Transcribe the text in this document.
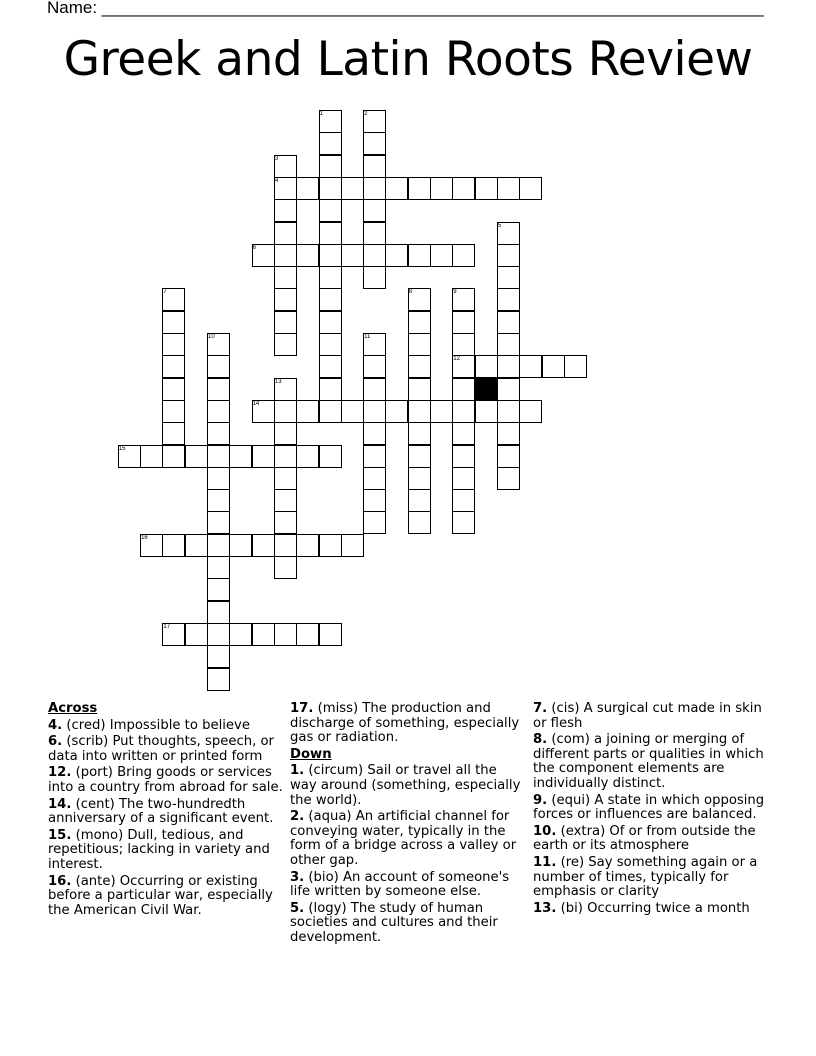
Name: ______________________________________________________________________
Greek and Latin Roots Review
1	2
3
4
5
6
7	8	9
10	11
12
13
14
15
16
17
Across
4. (cred) Impossible to believe
6. (scrib) Put thoughts, speech, or data into written or printed form
12. (port) Bring goods or services into a country from abroad for sale.
14. (cent) The two-hundredth anniversary of a significant event.
15. (mono) Dull, tedious, and repetitious; lacking in variety and interest.
16. (ante) Occurring or existing before a particular war, especially the American Civil War.
17. (miss) The production and discharge of something, especially gas or radiation.
Down
1. (circum) Sail or travel all the way around (something, especially the world).
2. (aqua) An artificial channel for conveying water, typically in the form of a bridge across a valley or other gap.
3. (bio) An account of someone's life written by someone else.
5. (logy) The study of human societies and cultures and their development.
7. (cis) A surgical cut made in skin or flesh
8. (com) a joining or merging of different parts or qualities in which the component elements are individually distinct.
9. (equi) A state in which opposing forces or influences are balanced.
10. (extra) Of or from outside the earth or its atmosphere
11. (re) Say something again or a number of times, typically for emphasis or clarity
13. (bi) Occurring twice a month
